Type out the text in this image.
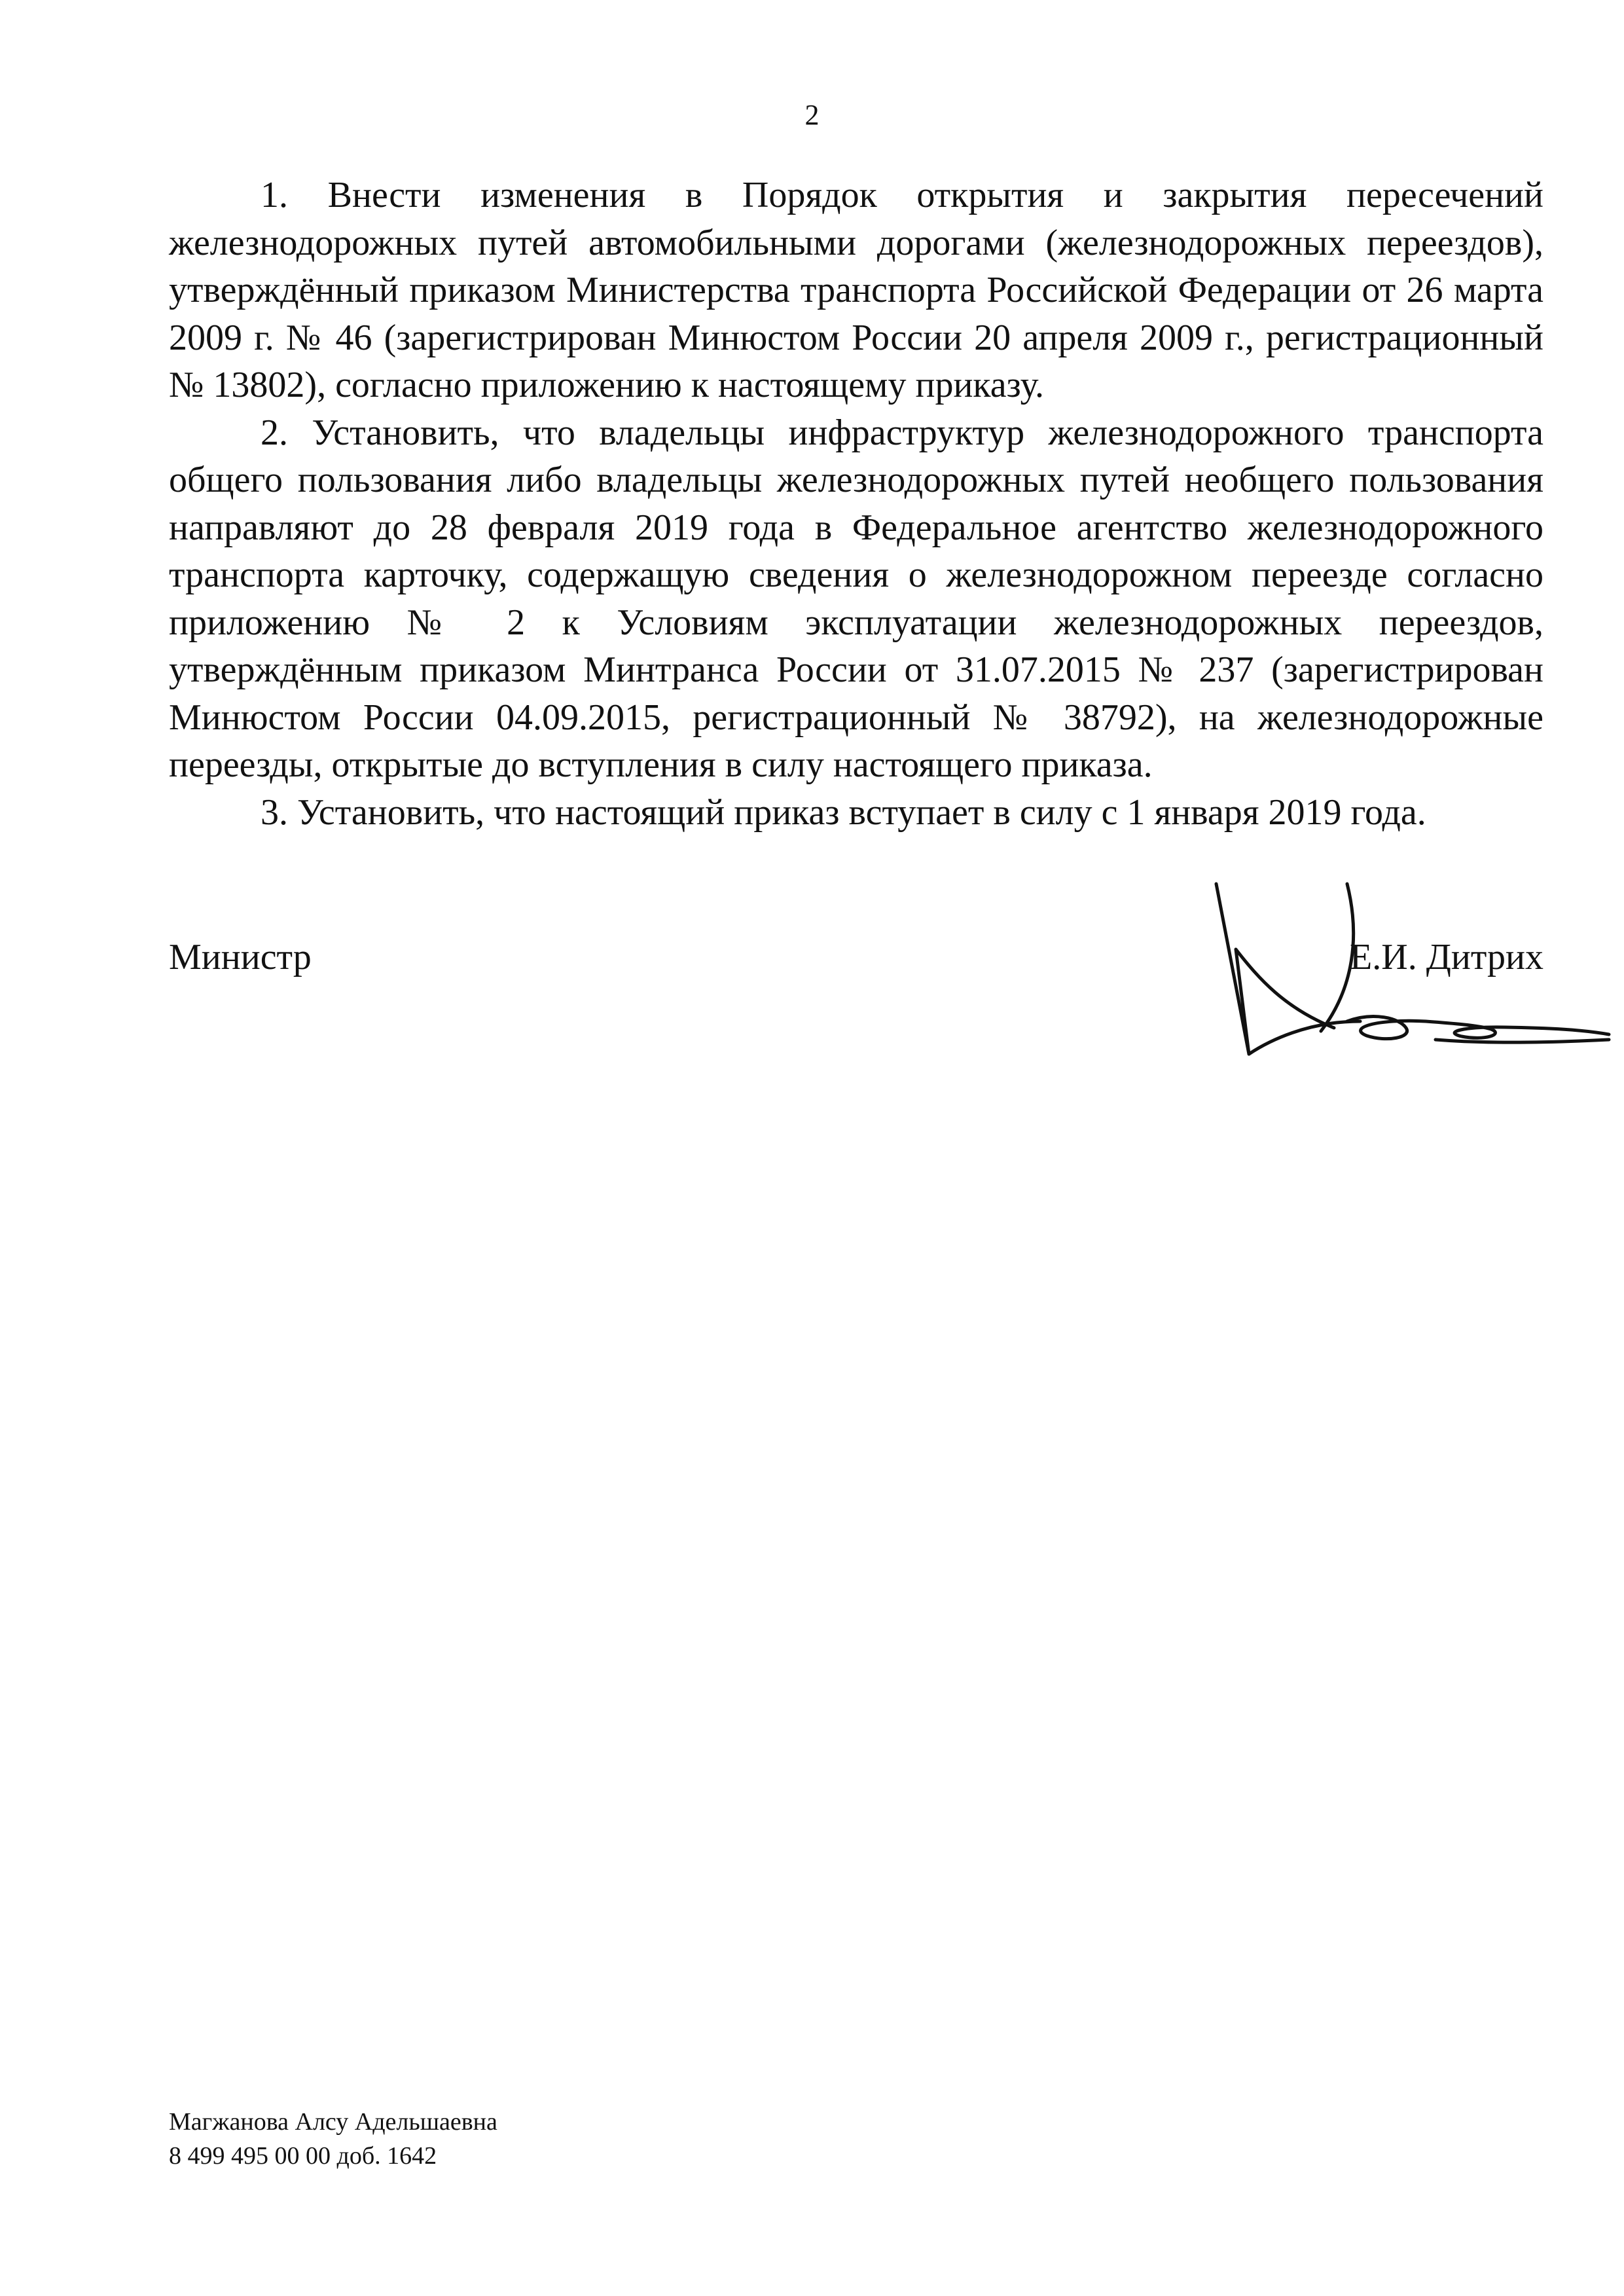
2

1. Внести изменения в Порядок открытия и закрытия пересечений железнодорожных путей автомобильными дорогами (железнодорожных переездов), утверждённый приказом Министерства транспорта Российской Федерации от 26 марта 2009 г. № 46 (зарегистрирован Минюстом России 20 апреля 2009 г., регистрационный № 13802), согласно приложению к настоящему приказу.

2. Установить, что владельцы инфраструктур железнодорожного транспорта общего пользования либо владельцы железнодорожных путей необщего пользования направляют до 28 февраля 2019 года в Федеральное агентство железнодорожного транспорта карточку, содержащую сведения о железнодорожном переезде согласно приложению № 2 к Условиям эксплуатации железнодорожных переездов, утверждённым приказом Минтранса России от 31.07.2015 № 237 (зарегистрирован Минюстом России 04.09.2015, регистрационный № 38792), на железнодорожные переезды, открытые до вступления в силу настоящего приказа.

3. Установить, что настоящий приказ вступает в силу с 1 января 2019 года.

Министр	Е.И. Дитрих
Магжанова Алсу Адельшаевна
8 499 495 00 00 доб. 1642
